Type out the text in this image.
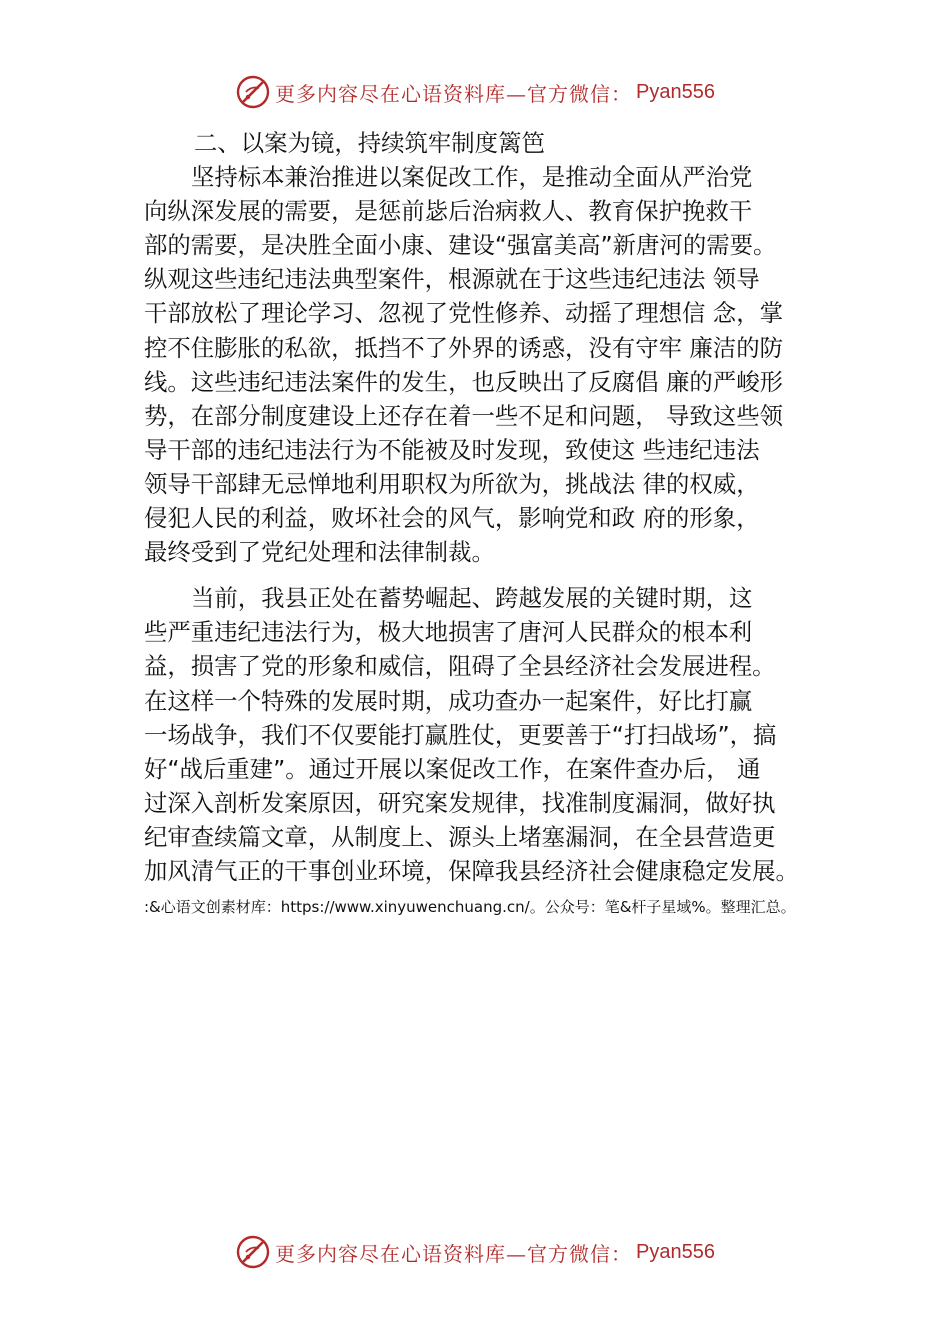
更多内容尽在心语资料库—官方微信： Pyan556
二、以案为镜，持续筑牢制度篱笆
坚持标本兼治推进以案促改工作，是推动全面从严治党
向纵深发展的需要，是惩前毖后治病救人、教育保护挽救干
部的需要，是决胜全面小康、建设“强富美高”新唐河的需要。
纵观这些违纪违法典型案件，根源就在于这些违纪违法 领导
干部放松了理论学习、忽视了党性修养、动摇了理想信 念，掌
控不住膨胀的私欲，抵挡不了外界的诱惑，没有守牢 廉洁的防
线。这些违纪违法案件的发生，也反映出了反腐倡 廉的严峻形
势，在部分制度建设上还存在着一些不足和问题， 导致这些领
导干部的违纪违法行为不能被及时发现，致使这 些违纪违法
领导干部肆无忌惮地利用职权为所欲为，挑战法 律的权威，
侵犯人民的利益，败坏社会的风气，影响党和政 府的形象，
最终受到了党纪处理和法律制裁。
当前，我县正处在蓄势崛起、跨越发展的关键时期，这
些严重违纪违法行为，极大地损害了唐河人民群众的根本利
益，损害了党的形象和威信，阻碍了全县经济社会发展进程。
在这样一个特殊的发展时期，成功查办一起案件，好比打赢
一场战争，我们不仅要能打赢胜仗，更要善于“打扫战场”，搞
好“战后重建”。通过开展以案促改工作，在案件查办后， 通
过深入剖析发案原因，研究案发规律，找准制度漏洞，做好执
纪审查续篇文章，从制度上、源头上堵塞漏洞，在全县营造更
加风清气正的干事创业环境，保障我县经济社会健康稳定发展。
:&心语文创素材库：https://www.xinyuwenchuang.cn/。公众号：笔&杆子星域%。整理汇总。
更多内容尽在心语资料库—官方微信： Pyan556
